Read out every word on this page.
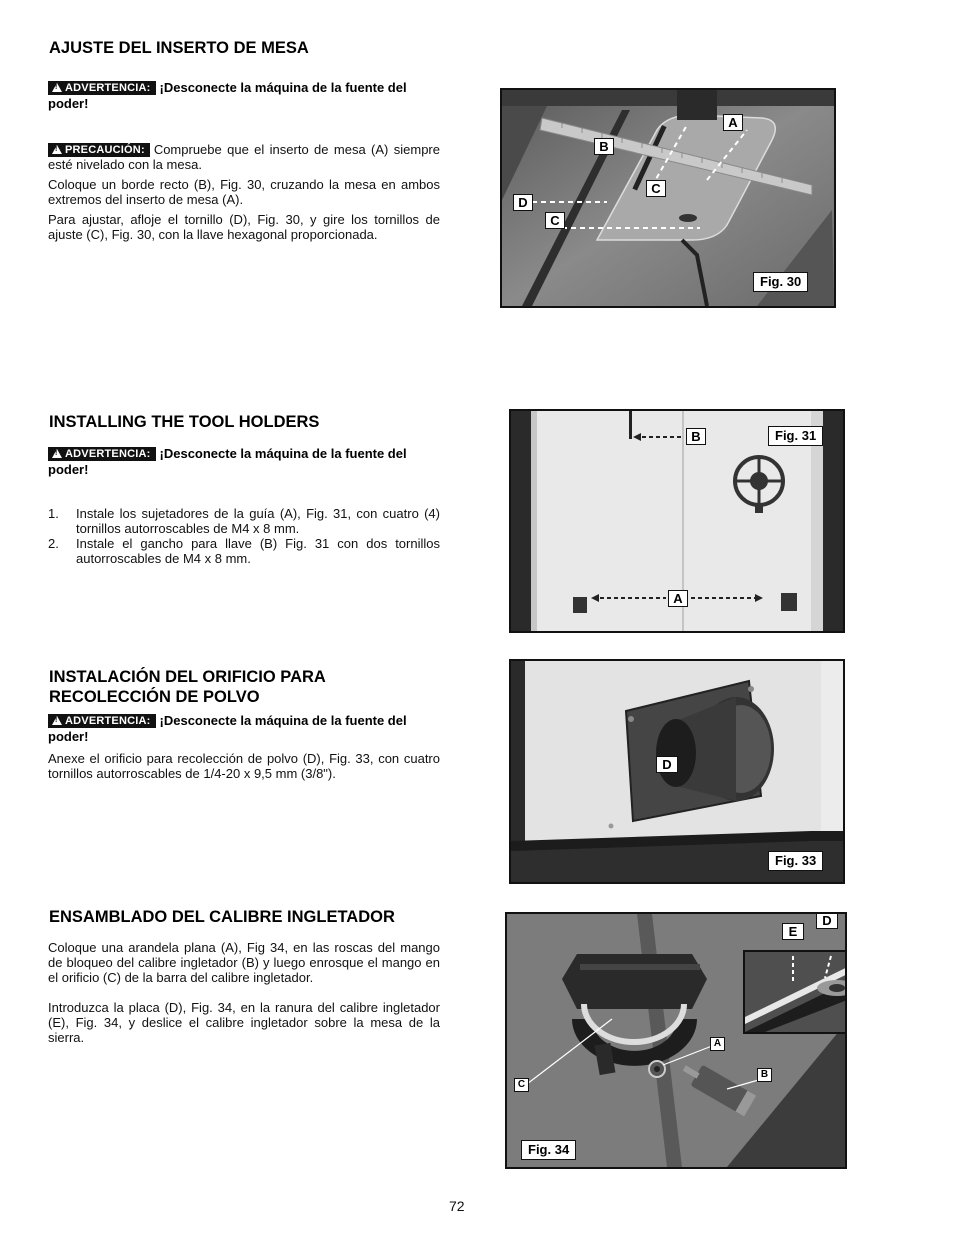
AJUSTE DEL INSERTO DE MESA
!ADVERTENCIA: ¡Desconecte la máquina de la fuente del poder!
!PRECAUCIÓN: Compruebe que el inserto de mesa (A) siempre esté nivelado con la mesa.
Coloque un borde recto (B), Fig. 30, cruzando la mesa en ambos extremos del inserto de mesa (A).
Para ajustar, afloje el tornillo (D), Fig. 30, y gire los tornillos de ajuste (C), Fig. 30, con la llave hexagonal proporcionada.
A
B
C
D
C
Fig. 30
INSTALLING THE TOOL HOLDERS
!ADVERTENCIA: ¡Desconecte la máquina de la fuente del poder!
1. Instale los sujetadores de la guía (A), Fig. 31, con cuatro (4) tornillos autorroscables de M4 x 8 mm.
2. Instale el gancho para llave (B) Fig. 31 con dos tornillos autorroscables de M4 x 8 mm.
B
A
Fig. 31
INSTALACIÓN DEL ORIFICIO PARA
RECOLECCIÓN DE POLVO
!ADVERTENCIA: ¡Desconecte la máquina de la fuente del poder!
Anexe el orificio para recolección de polvo (D), Fig. 33, con cuatro tornillos autorroscables de 1/4-20 x 9,5 mm (3/8").
D
Fig. 33
ENSAMBLADO DEL CALIBRE INGLETADOR
Coloque una arandela plana (A), Fig 34, en las roscas del mango de bloqueo del calibre ingletador (B) y luego enrosque el mango en el orificio (C) de la barra del calibre ingletador.
Introduzca la placa (D), Fig. 34, en la ranura del calibre ingletador (E), Fig. 34, y deslice el calibre ingletador sobre la mesa de la sierra.
D
E
A
B
C
Fig. 34
72
